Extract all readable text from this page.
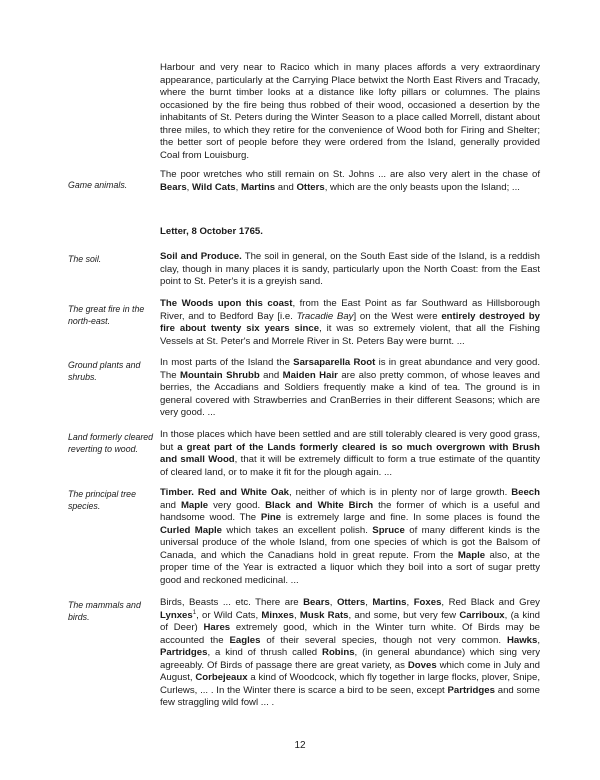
Harbour and very near to Racico which in many places affords a very extraordinary appearance, particularly at the Carrying Place betwixt the North East Rivers and Tracady, where the burnt timber looks at a distance like lofty pillars or columnes. The plains occasioned by the fire being thus robbed of their wood, occasioned a desertion by the inhabitants of St. Peters during the Winter Season to a place called Morrell, distant about three miles, to which they retire for the convenience of Wood both for Firing and Shelter; the better sort of people before they were ordered from the Island, generally provided Coal from Louisburg.

Game animals.

The poor wretches who still remain on St. Johns ... are also very alert in the chase of Bears, Wild Cats, Martins and Otters, which are the only beasts upon the Island; ...

Letter, 8 October 1765.

The soil.	Soil and Produce. The soil in general, on the South East side of the Island, is a reddish clay, though in many places it is sandy, particularly upon the North Coast: from the East point to St. Peter's it is a greyish sand.

The great fire in the north-east.

The Woods upon this coast, from the East Point as far Southward as Hillsborough River, and to Bedford Bay [i.e. Tracadie Bay] on the West were entirely destroyed by fire about twenty six years since, it was so extremely violent, that all the Fishing Vessels at St. Peter's and Morrele River in St. Peters Bay were burnt. ...

Ground plants and shrubs.

In most parts of the Island the Sarsaparella Root is in great abundance and very good. The Mountain Shrubb and Maiden Hair are also pretty common, of whose leaves and berries, the Accadians and Soldiers frequently make a kind of tea. The ground is in general covered with Strawberries and CranBerries in their different Seasons; which are very good. ...

Land formerly cleared reverting to wood.

In those places which have been settled and are still tolerably cleared is very good grass, but a great part of the Lands formerly cleared is so much overgrown with Brush and small Wood, that it will be extremely difficult to form a true estimate of the quantity of cleared land, or to make it fit for the plough again. ...

The principal tree species.

Timber. Red and White Oak, neither of which is in plenty nor of large growth. Beech and Maple very good. Black and White Birch the former of which is a useful and handsome wood. The Pine is extremely large and fine. In some places is found the Curled Maple which takes an excellent polish. Spruce of many different kinds is the universal produce of the whole Island, from one species of which is got the Balsom of Canada, and which the Canadians hold in great repute. From the Maple also, at the proper time of the Year is extracted a liquor which they boil into a sort of sugar pretty good and reckoned medicinal. ...

The mammals and birds.

Birds, Beasts ... etc. There are Bears, Otters, Martins, Foxes, Red Black and Grey Lynxes$^1$, or Wild Cats, Minxes, Musk Rats, and some, but very few Carribouх, (a kind of Deer) Hares extremely good, which in the Winter turn white. Of Birds may be accounted the Eagles of their several species, though not very common. Hawks, Partridges, a kind of thrush called Robins, (in general abundance) which sing very agreeably. Of Birds of passage there are great variety, as Doves which come in July and August, Corbejeaux a kind of Woodcock, which fly together in large flocks, plover, Snipe, Curlews, ... . In the Winter there is scarce a bird to be seen, except Partridges and some few straggling wild fowl ... .

12
